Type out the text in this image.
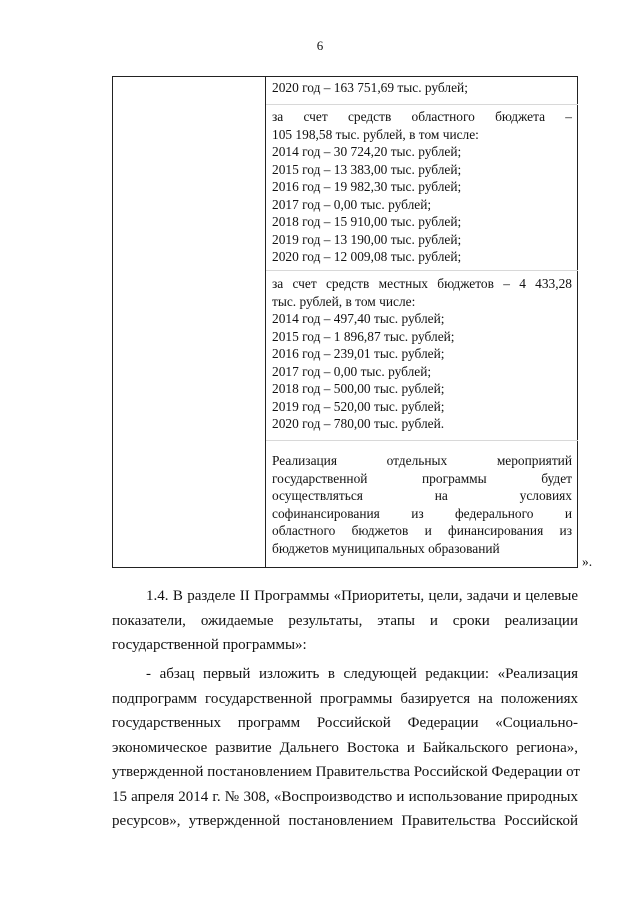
6
2020 год – 163 751,69 тыс. рублей;
за счет средств областного бюджета –
105 198,58 тыс. рублей, в том числе:
2014 год – 30 724,20 тыс. рублей;
2015 год – 13 383,00 тыс. рублей;
2016 год – 19 982,30 тыс. рублей;
2017 год – 0,00 тыс. рублей;
2018 год – 15 910,00 тыс. рублей;
2019 год – 13 190,00 тыс. рублей;
2020 год – 12 009,08 тыс. рублей;
за счет средств местных бюджетов – 4 433,28
тыс. рублей, в том числе:
2014 год – 497,40 тыс. рублей;
2015 год – 1 896,87 тыс. рублей;
2016 год – 239,01 тыс. рублей;
2017 год – 0,00 тыс. рублей;
2018 год – 500,00 тыс. рублей;
2019 год – 520,00 тыс. рублей;
2020 год – 780,00 тыс. рублей.
Реализация отдельных мероприятий
государственной программы будет
осуществляться на условиях
софинансирования из федерального и
областного бюджетов и финансирования из
бюджетов муниципальных образований
».
1.4. В разделе II Программы «Приоритеты, цели, задачи и целевые
показатели, ожидаемые результаты, этапы и сроки реализации
государственной программы»:
- абзац первый изложить в следующей редакции: «Реализация
подпрограмм государственной программы базируется на положениях
государственных программ Российской Федерации «Социально-
экономическое развитие Дальнего Востока и Байкальского региона»,
утвержденной постановлением Правительства Российской Федерации от
15 апреля 2014 г. № 308, «Воспроизводство и использование природных
ресурсов», утвержденной постановлением Правительства Российской
